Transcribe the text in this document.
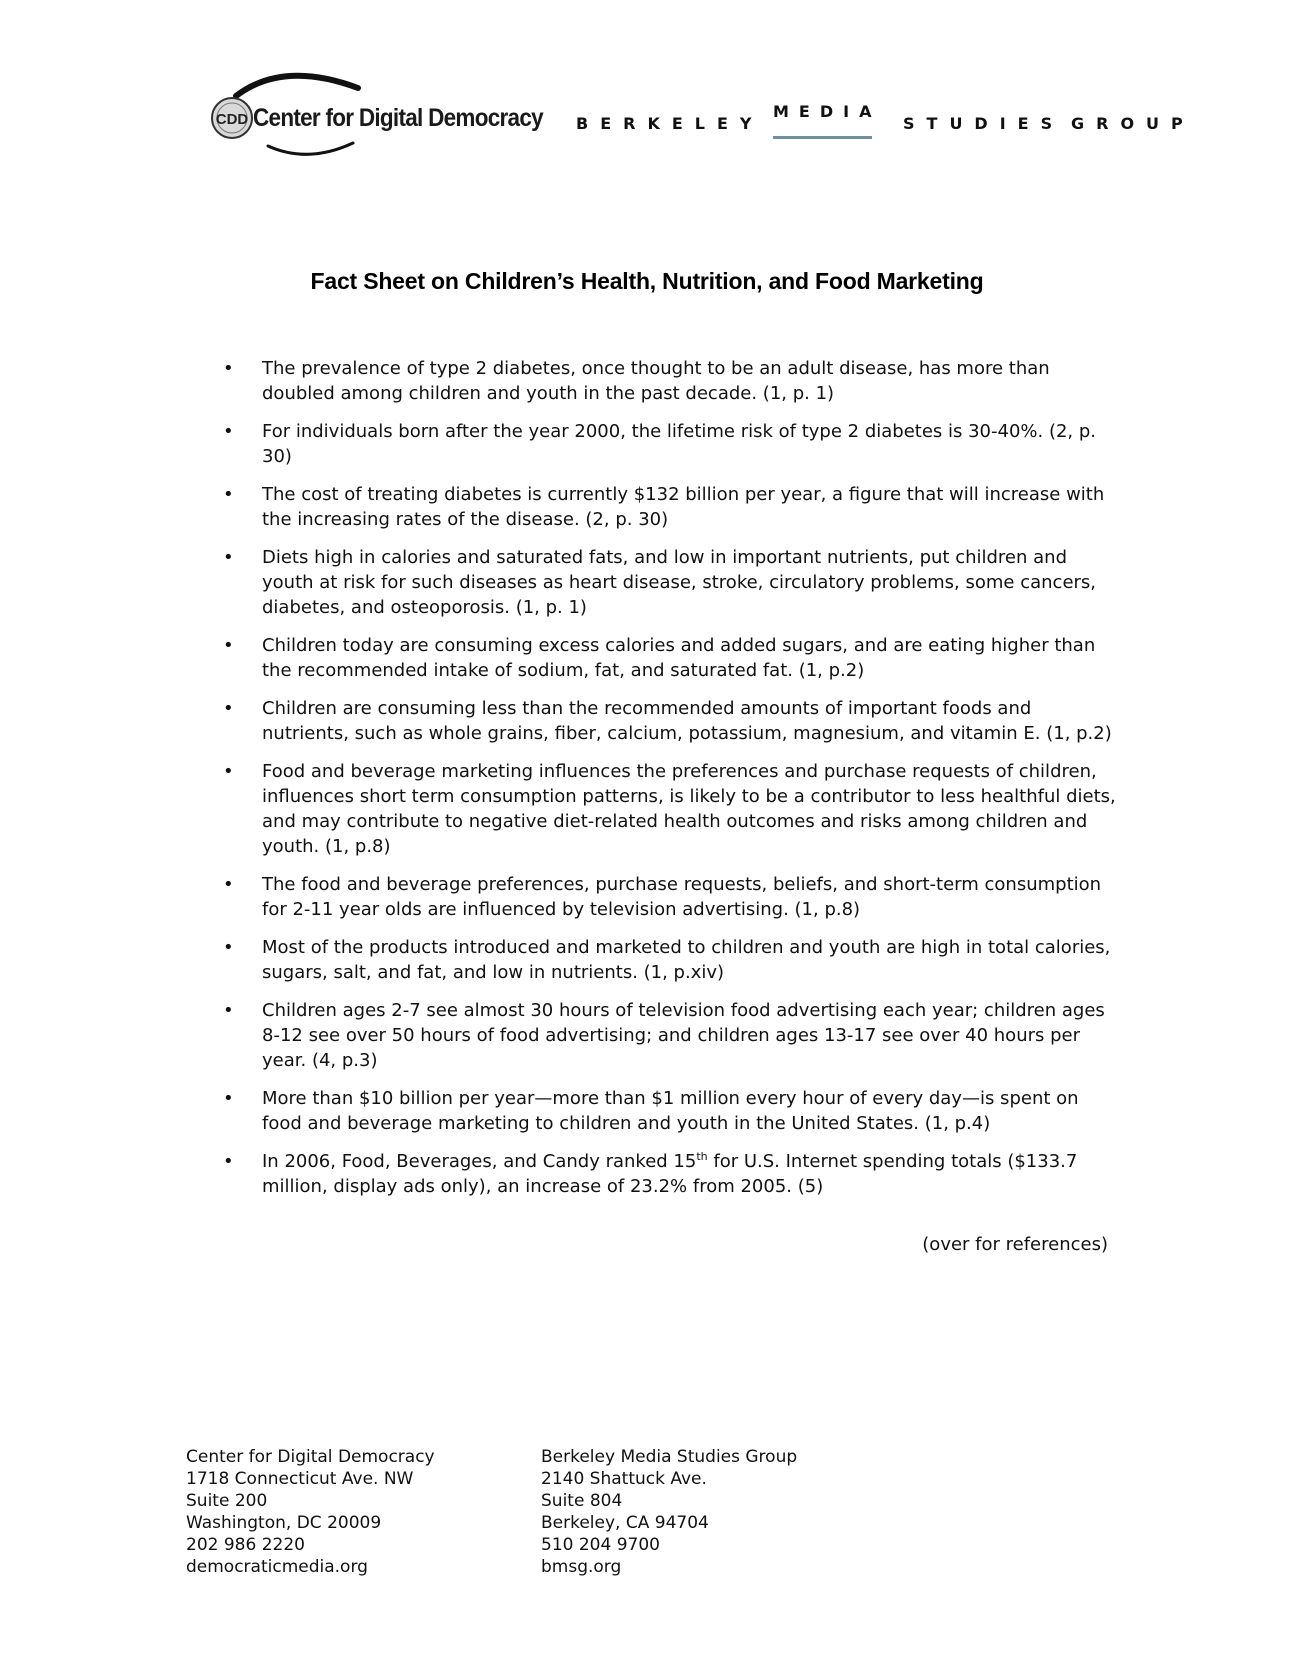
CDD Center for Digital Democracy BERKELEY
MEDIA
STUDIES GROUP
Fact Sheet on Children’s Health, Nutrition, and Food Marketing
• The prevalence of type 2 diabetes, once thought to be an adult disease, has more than doubled among children and youth in the past decade. (1, p. 1)
• For individuals born after the year 2000, the lifetime risk of type 2 diabetes is 30-40%. (2, p. 30)
• The cost of treating diabetes is currently $132 billion per year, a figure that will increase with the increasing rates of the disease. (2, p. 30)
• Diets high in calories and saturated fats, and low in important nutrients, put children and youth at risk for such diseases as heart disease, stroke, circulatory problems, some cancers, diabetes, and osteoporosis. (1, p. 1)
• Children today are consuming excess calories and added sugars, and are eating higher than the recommended intake of sodium, fat, and saturated fat. (1, p.2)
• Children are consuming less than the recommended amounts of important foods and nutrients, such as whole grains, fiber, calcium, potassium, magnesium, and vitamin E. (1, p.2)
• Food and beverage marketing influences the preferences and purchase requests of children, influences short term consumption patterns, is likely to be a contributor to less healthful diets, and may contribute to negative diet-related health outcomes and risks among children and youth. (1, p.8)
• The food and beverage preferences, purchase requests, beliefs, and short-term consumption for 2-11 year olds are influenced by television advertising. (1, p.8)
• Most of the products introduced and marketed to children and youth are high in total calories, sugars, salt, and fat, and low in nutrients. (1, p.xiv)
• Children ages 2-7 see almost 30 hours of television food advertising each year; children ages 8-12 see over 50 hours of food advertising; and children ages 13-17 see over 40 hours per year. (4, p.3)
• More than $10 billion per year—more than $1 million every hour of every day—is spent on food and beverage marketing to children and youth in the United States. (1, p.4)
• In 2006, Food, Beverages, and Candy ranked 15th for U.S. Internet spending totals ($133.7 million, display ads only), an increase of 23.2% from 2005. (5)
(over for references)
Center for Digital Democracy
1718 Connecticut Ave. NW
Suite 200
Washington, DC 20009
202 986 2220
democraticmedia.org
Berkeley Media Studies Group
2140 Shattuck Ave.
Suite 804
Berkeley, CA 94704
510 204 9700
bmsg.org
